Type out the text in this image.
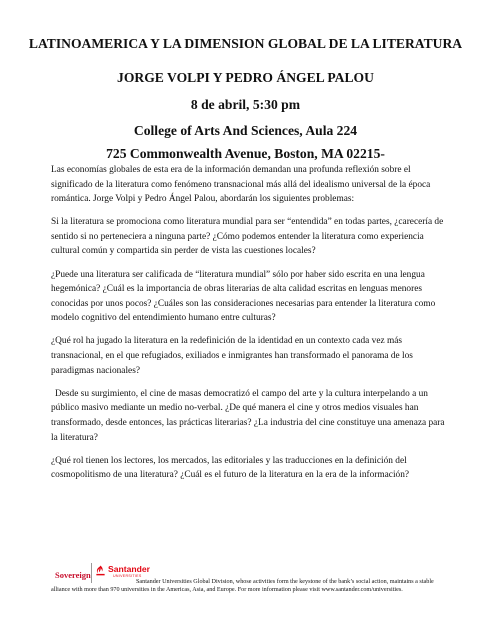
LATINOAMERICA Y LA DIMENSION GLOBAL DE LA LITERATURA
JORGE VOLPI Y PEDRO ÁNGEL PALOU
8 de abril, 5:30 pm
College of Arts And Sciences, Aula 224
725 Commonwealth Avenue, Boston, MA 02215-

Las economías globales de esta era de la información demandan una profunda reflexión sobre el significado de la literatura como fenómeno transnacional más allá del idealismo universal de la época romántica. Jorge Volpi y Pedro Ángel Palou, abordarán los siguientes problemas:

Si la literatura se promociona como literatura mundial para ser “entendida” en todas partes, ¿carecería de sentido si no perteneciera a ninguna parte? ¿Cómo podemos entender la literatura como experiencia cultural común y compartida sin perder de vista las cuestiones locales?

¿Puede una literatura ser calificada de “literatura mundial” sólo por haber sido escrita en una lengua hegemónica? ¿Cuál es la importancia de obras literarias de alta calidad escritas en lenguas menores conocidas por unos pocos? ¿Cuáles son las consideraciones necesarias para entender la literatura como modelo cognitivo del entendimiento humano entre culturas?

¿Qué rol ha jugado la literatura en la redefinición de la identidad en un contexto cada vez más transnacional, en el que refugiados, exiliados e inmigrantes han transformado el panorama de los paradigmas nacionales?

Desde su surgimiento, el cine de masas democratizó el campo del arte y la cultura interpelando a un público masivo mediante un medio no-verbal. ¿De qué manera el cine y otros medios visuales han transformado, desde entonces, las prácticas literarias? ¿La industria del cine constituye una amenaza para la literatura?

¿Qué rol tienen los lectores, los mercados, las editoriales y las traducciones en la definición del cosmopolitismo de una literatura? ¿Cuál es el futuro de la literatura en la era de la información?

Sovereign
Santander
UNIVERSITIES
Santander Universities Global Division, whose activities form the keystone of the bank’s social action, maintains a stable alliance with more than 970 universities in the Americas, Asia, and Europe. For more information please visit www.santander.com/universities.
